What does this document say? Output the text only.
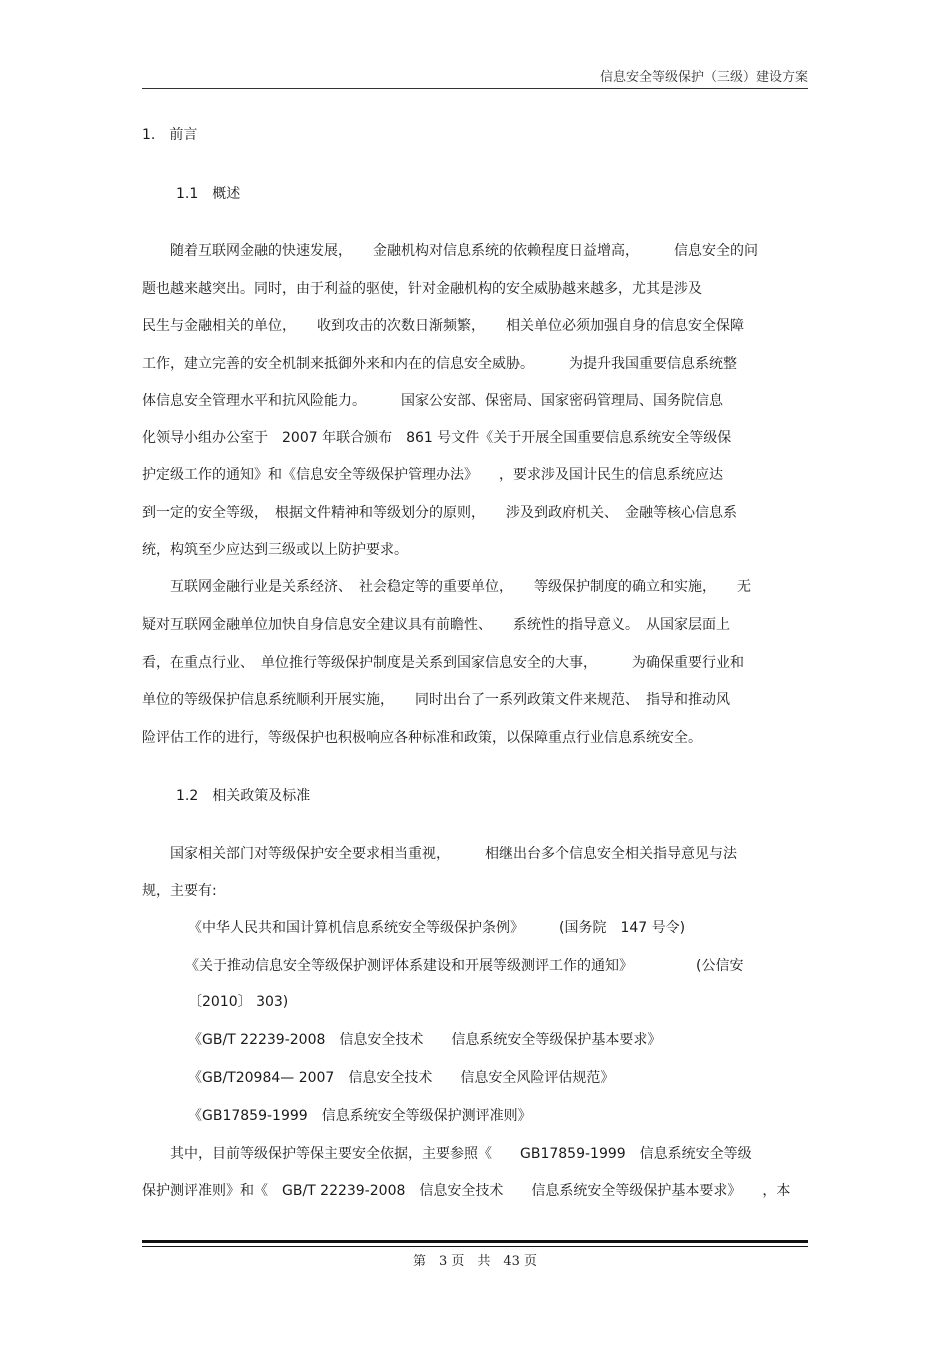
信息安全等级保护（三级）建设方案
1.　前言
1.1　概述
　　随着互联网金融的快速发展，　　金融机构对信息系统的依赖程度日益增高，　　　信息安全的问
题也越来越突出。同时，由于利益的驱使，针对金融机构的安全威胁越来越多，尤其是涉及
民生与金融相关的单位，　　收到攻击的次数日渐频繁，　　相关单位必须加强自身的信息安全保障
工作，建立完善的安全机制来抵御外来和内在的信息安全威胁。　　　为提升我国重要信息系统整
体信息安全管理水平和抗风险能力。　　　国家公安部、保密局、国家密码管理局、国务院信息
化领导小组办公室于　2007 年联合颁布　861 号文件《关于开展全国重要信息系统安全等级保
护定级工作的通知》和《信息安全等级保护管理办法》　　，要求涉及国计民生的信息系统应达
到一定的安全等级，　根据文件精神和等级划分的原则，　　涉及到政府机关、　金融等核心信息系
统，构筑至少应达到三级或以上防护要求。
　　互联网金融行业是关系经济、　社会稳定等的重要单位，　　等级保护制度的确立和实施，　　无
疑对互联网金融单位加快自身信息安全建议具有前瞻性、　　系统性的指导意义。　从国家层面上
看，在重点行业、　单位推行等级保护制度是关系到国家信息安全的大事，　　　为确保重要行业和
单位的等级保护信息系统顺利开展实施，　　同时出台了一系列政策文件来规范、　指导和推动风
险评估工作的进行，等级保护也积极响应各种标准和政策，以保障重点行业信息系统安全。
1.2　相关政策及标准
　　国家相关部门对等级保护安全要求相当重视，　　　相继出台多个信息安全相关指导意见与法
规，主要有:
《中华人民共和国计算机信息系统安全等级保护条例》　　　(国务院　147 号令)
　《关于推动信息安全等级保护测评体系建设和开展等级测评工作的通知》　　　　　(公信安
〔2010〕 303)
《GB/T 22239-2008　信息安全技术　　信息系统安全等级保护基本要求》
《GB/T20984— 2007　信息安全技术　　信息安全风险评估规范》
《GB17859-1999　信息系统安全等级保护测评准则》
　　其中，目前等级保护等保主要安全依据，主要参照《　　GB17859-1999　信息系统安全等级
保护测评准则》和《　GB/T 22239-2008　信息安全技术　　信息系统安全等级保护基本要求》　　，本
第　3 页　共　43 页
